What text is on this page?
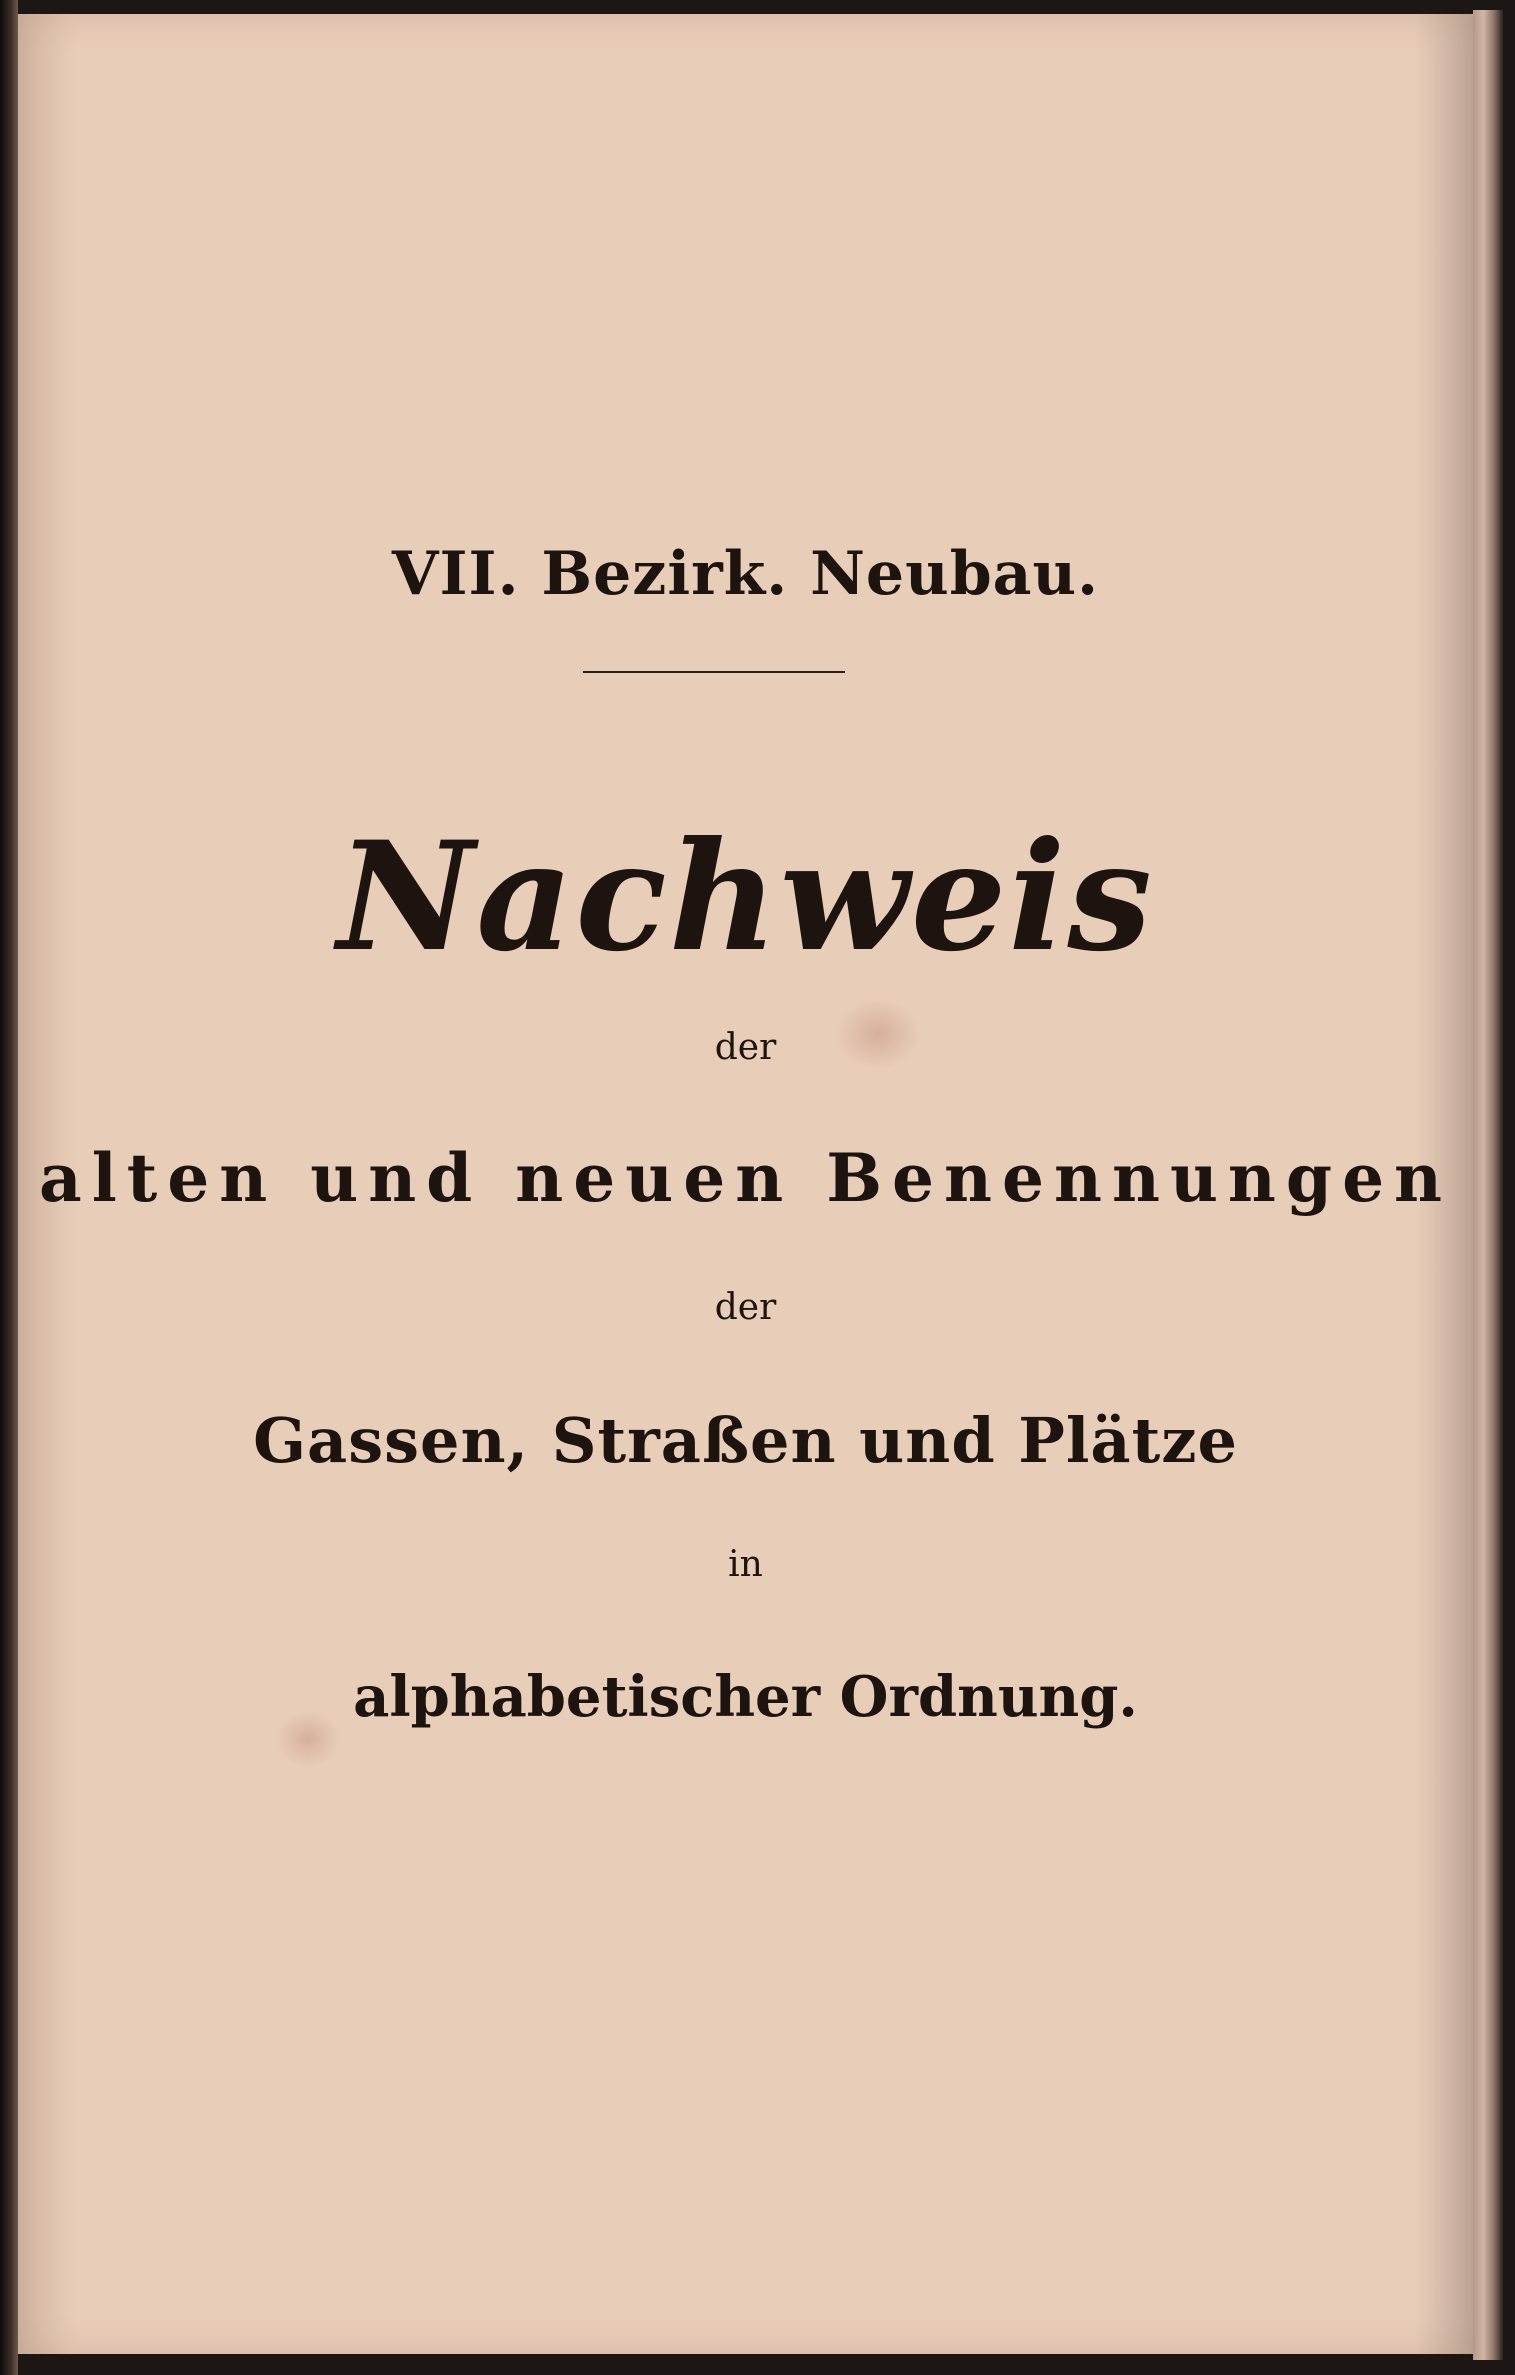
VII. Bezirk. Neubau.

Nachweis

der

alten und neuen Benennungen

der

Gassen, Straßen und Plätze

in

alphabetischer Ordnung.
